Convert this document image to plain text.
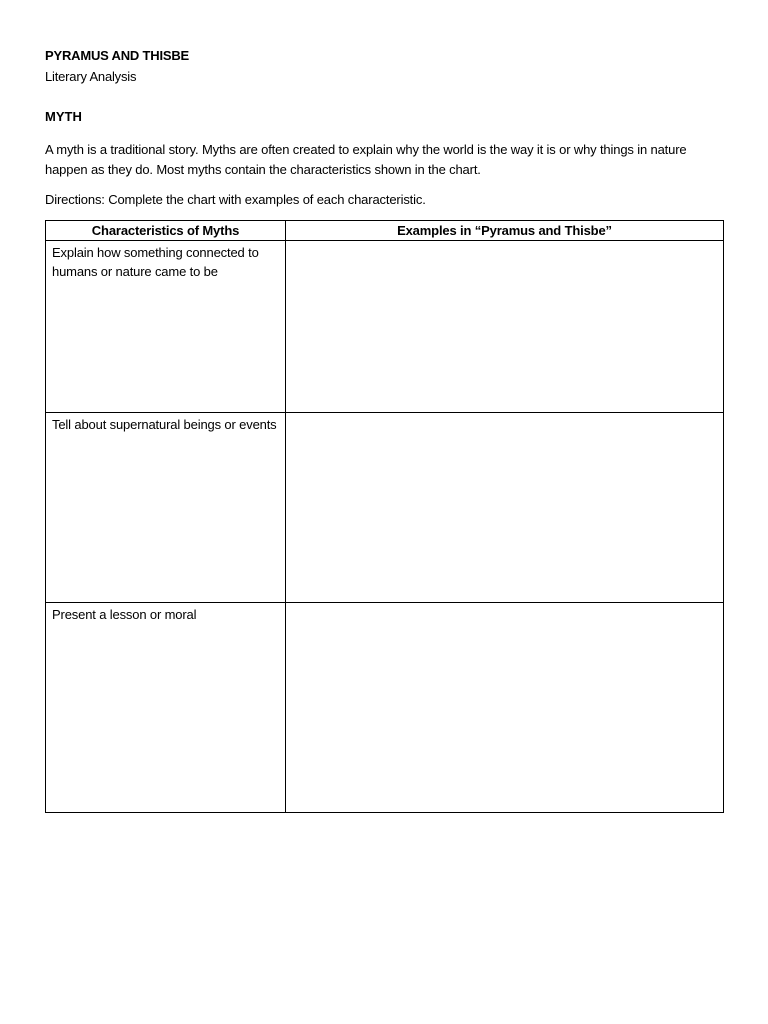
PYRAMUS AND THISBE
Literary Analysis
MYTH
A myth is a traditional story. Myths are often created to explain why the world is the way it is or why things in nature happen as they do. Most myths contain the characteristics shown in the chart.
Directions: Complete the chart with examples of each characteristic.
Characteristics of Myths	Examples in “Pyramus and Thisbe”
Explain how something connected to humans or nature came to be	
Tell about supernatural beings or events	
Present a lesson or moral	
